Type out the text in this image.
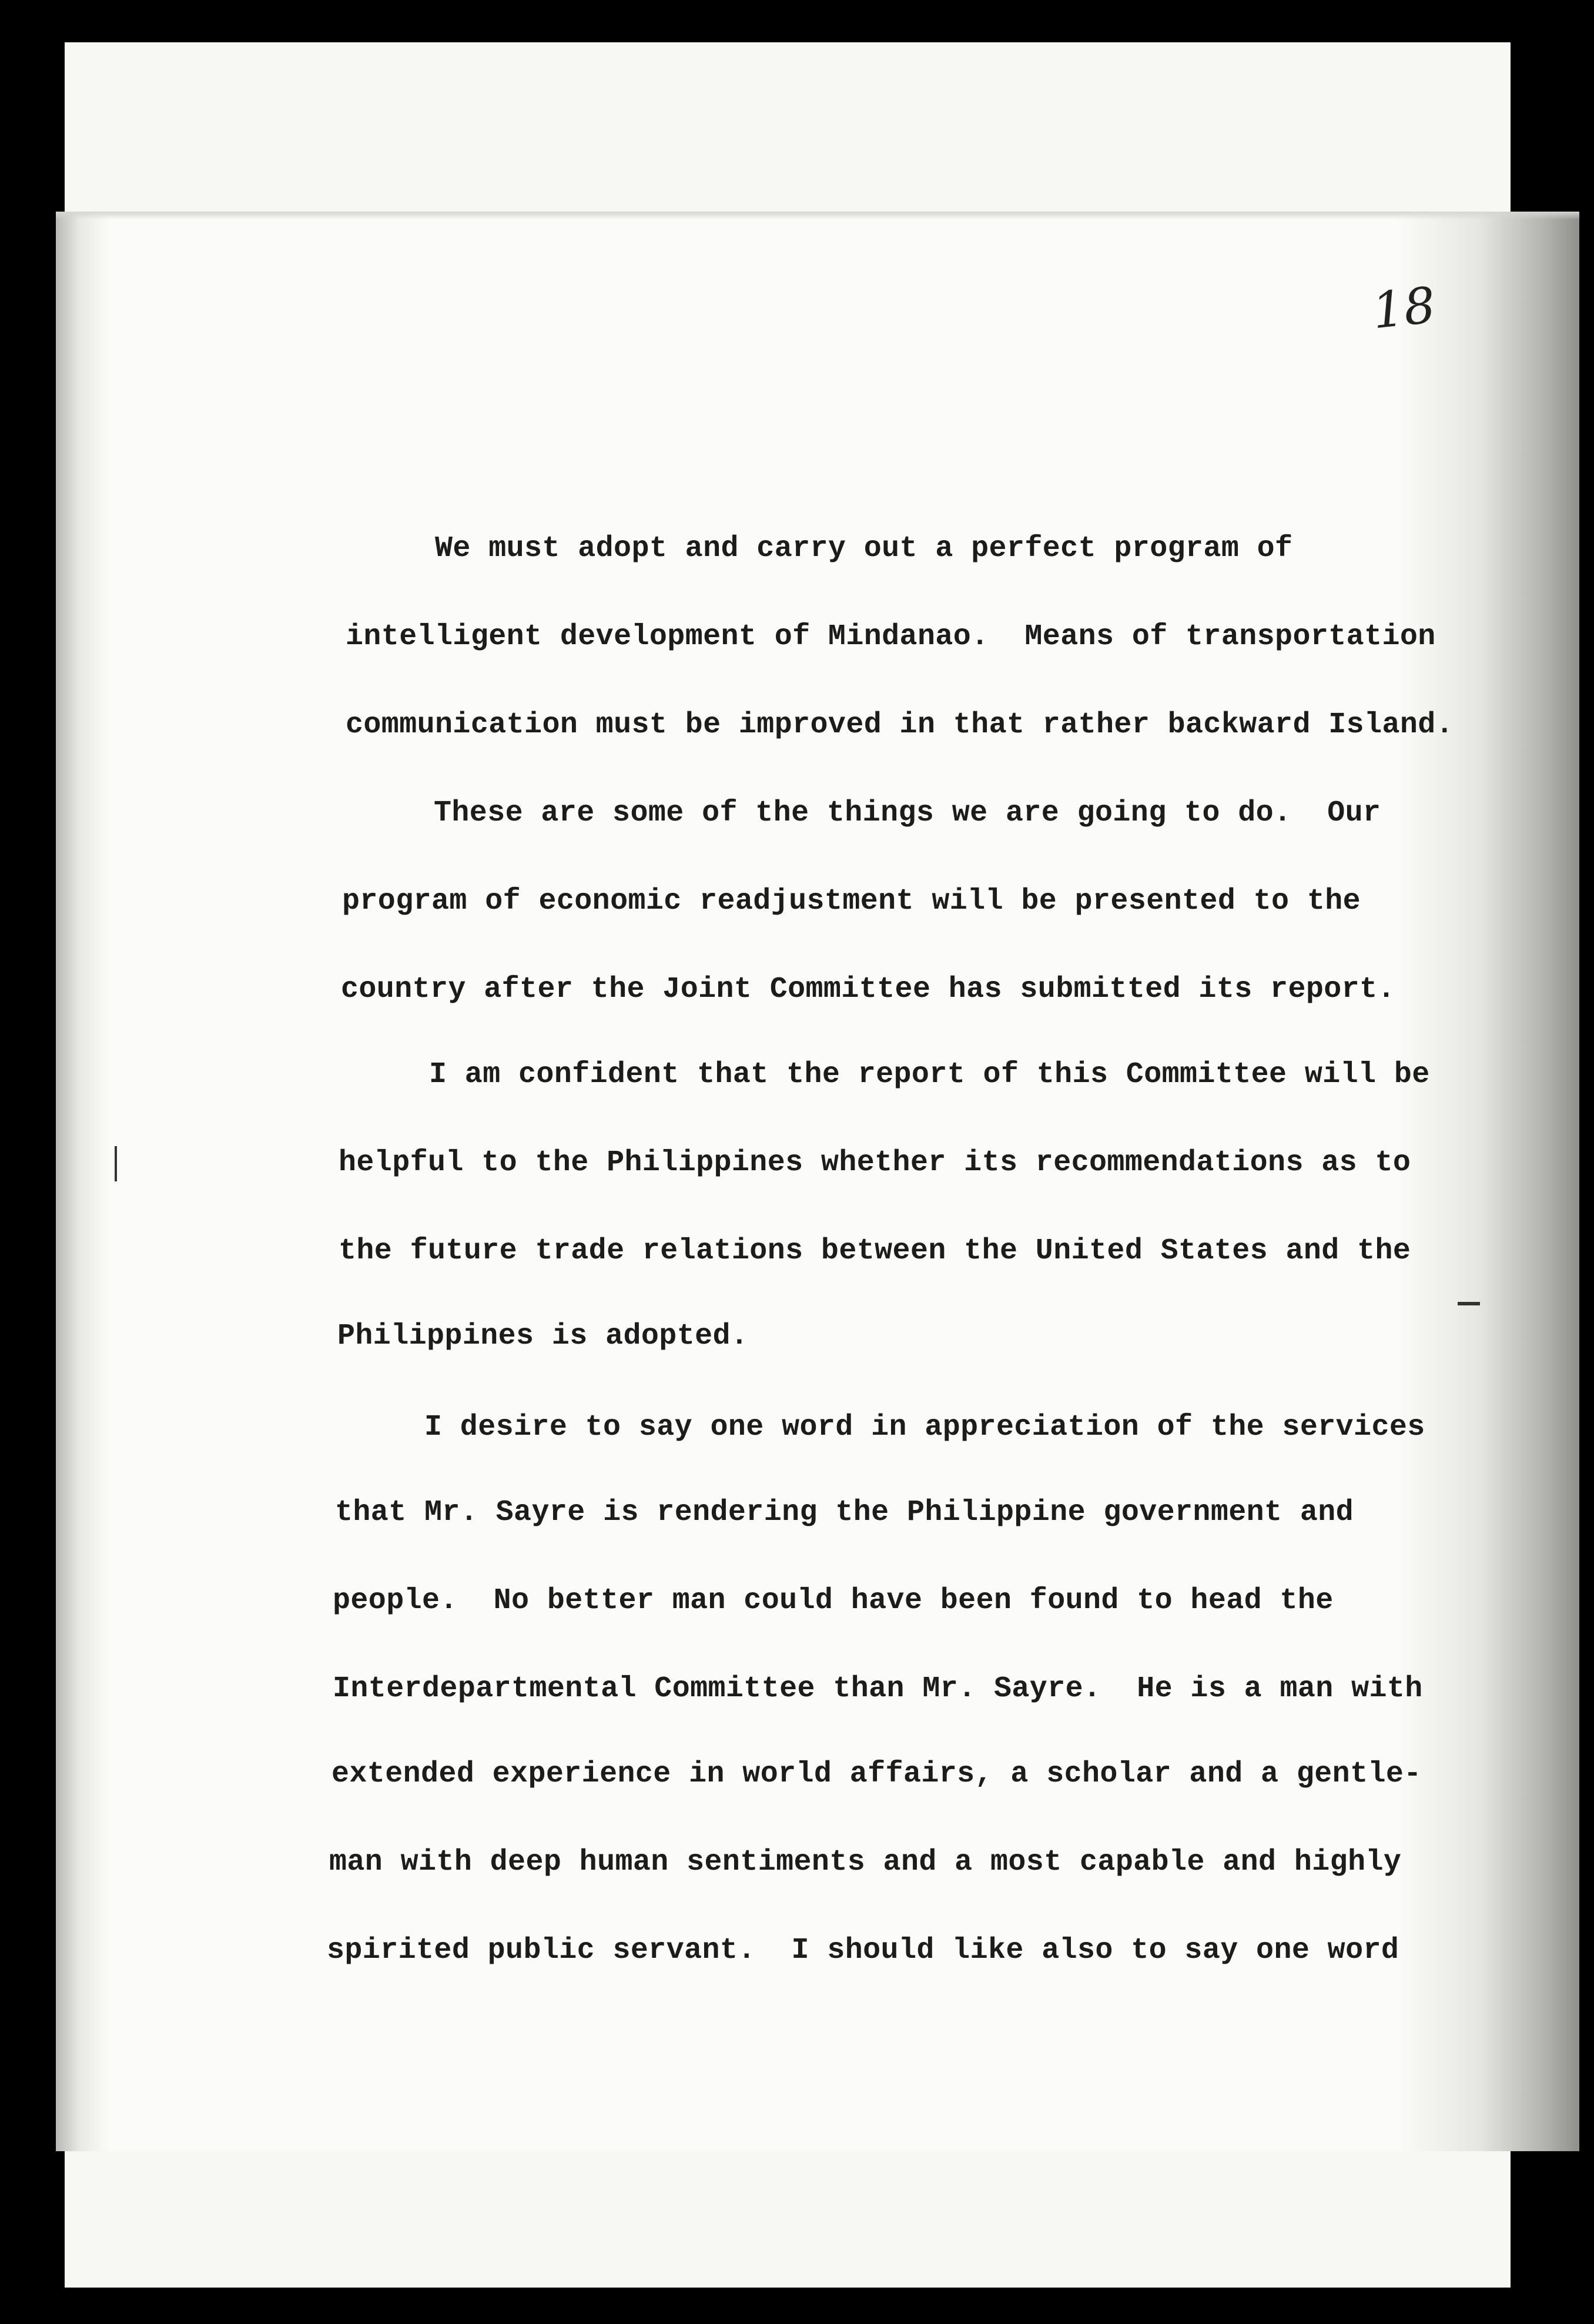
18
We must adopt and carry out a perfect program of
intelligent development of Mindanao.  Means of transportation
communication must be improved in that rather backward Island.
These are some of the things we are going to do.  Our
program of economic readjustment will be presented to the
country after the Joint Committee has submitted its report.
I am confident that the report of this Committee will be
helpful to the Philippines whether its recommendations as to
the future trade relations between the United States and the
Philippines is adopted.
I desire to say one word in appreciation of the services
that Mr. Sayre is rendering the Philippine government and
people.  No better man could have been found to head the
Interdepartmental Committee than Mr. Sayre.  He is a man with
extended experience in world affairs, a scholar and a gentle-
man with deep human sentiments and a most capable and highly
spirited public servant.  I should like also to say one word
